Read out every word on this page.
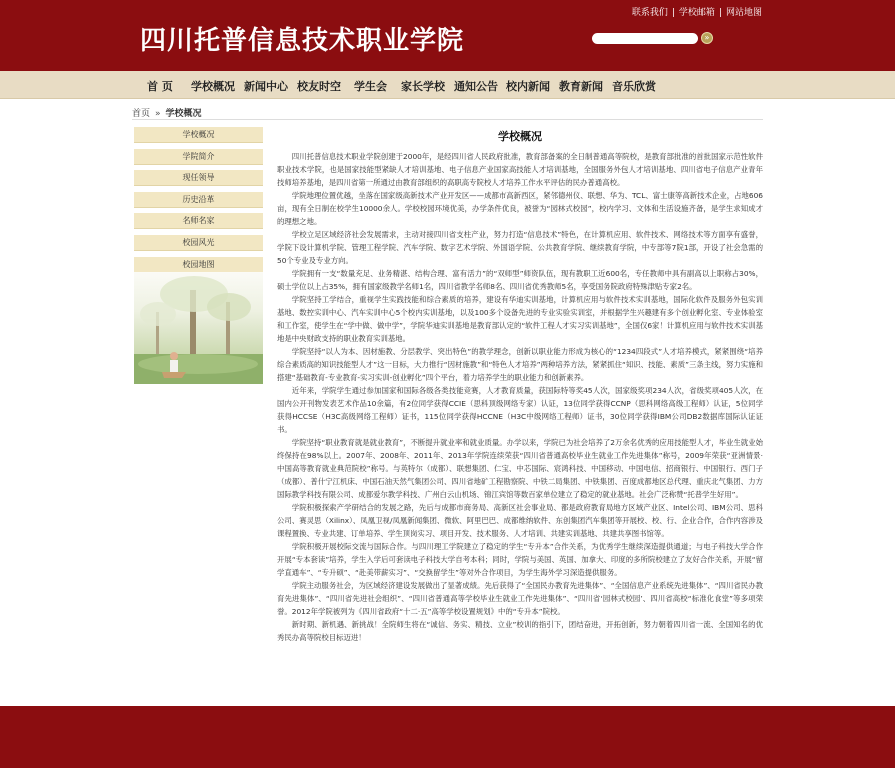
四川托普信息技术职业学院
联系我们 | 学校邮箱 | 网站地图
»
首 页 学校概况 新闻中心 校友时空 学生会 家长学校 通知公告 校内新闻 教育新闻 音乐欣赏
首页 » 学校概况
学校概况
学院简介
现任领导
历史沿革
名师名家
校园风光
校园地图
学校概况

四川托普信息技术职业学院创建于2000年，是经四川省人民政府批准，教育部备案的全日制普通高等院校，是教育部批准的首批国家示范性软件职业技术学院，也是国家技能型紧缺人才培训基地、电子信息产业国家高技能人才培训基地，全国服务外包人才培训基地、四川省电子信息产业青年技师培养基地，是四川省第一所通过由教育部组织的高职高专院校人才培养工作水平评估的民办普通高校。

学院地理位置优越，坐落在国家级高新技术产业开发区——成都市高新西区，紧邻德州仪、联想、华为、TCL、富士康等高新技术企业，占地606亩，现有全日制在校学生10000余人。学校校园环境优美，办学条件优良，被誉为“园林式校园”，校内学习、文体和生活设施齐备，是学生求知成才的理想之地。

学校立足区域经济社会发展需求，主动对接四川省支柱产业，努力打造“信息技术”特色，在计算机应用、软件技术、网络技术等方面享有盛誉，学院下设计算机学院、管理工程学院、汽车学院、数字艺术学院、外国语学院、公共教育学院、继续教育学院，中专部等7院1部，开设了社会急需的50个专业及专业方向。

学院拥有一支“数量充足、业务精湛、结构合理、富有活力”的“双师型”师资队伍，现有教职工近600名，专任教师中具有副高以上职称占30%，硕士学位以上占35%，拥有国家级教学名师1名，四川省教学名师8名、四川省优秀教师5名，享受国务院政府特殊津贴专家2名。

学院坚持工学结合，重视学生实践技能和综合素质的培养，建设有华迪实训基地，计算机应用与软件技术实训基地，国际化软件及服务外包实训基地、数控实训中心、汽车实训中心5个校内实训基地，以及100多个设备先进的专业实验实训室，并根据学生兴趣建有多个创业孵化室、专业体验室和工作室，使学生在“学中做、做中学”，学院华迪实训基地是教育部认定的“软件工程人才实习实训基地”，全国仅6家！计算机应用与软件技术实训基地是中央财政支持的职业教育实训基地。

学院坚持“以人为本、因材施教、分层教学、突出特色”的教学理念，创新以职业能力形成为核心的“1234四段式”人才培养模式，紧紧围绕“培养综合素质高的知识技能型人才”这一目标，大力推行“因材施教”和“特色人才培养”两种培养方法，紧紧抓住“知识、技能、素质”三条主线，努力实施和搭建“基础教育-专业教育-实习实训-创业孵化”四个平台，着力培养学生的职业能力和创新素养。

近年来，学院学生通过参加国家和国际各级各类技能竞赛，人才教育质量，获国际特等奖45人次，国家级奖项234人次，省级奖项405人次，在国内公开刊物发表艺术作品10余篇，有2位同学获得CCIE（思科顶级网络专家）认证，13位同学获得CCNP（思科网络高级工程师）认证，5位同学获得HCCSE（H3C高级网络工程师）证书，115位同学获得HCCNE（H3C中级网络工程师）证书，30位同学获得IBM公司DB2数据库国际认证证书。

学院坚持“职业教育就是就业教育”，不断提升就业率和就业质量。办学以来，学院已为社会培养了2万余名优秀的应用技能型人才，毕业生就业始终保持在98%以上。2007年、2008年、2011年、2013年学院连续荣获“四川省普通高校毕业生就业工作先进集体”称号，2009年荣获“亚洲情景·中国高等教育就业典范院校”称号。与英特尔（成都）、联想集团、仁宝、中芯国际、宸鸿科技、中国移动、中国电信、招商银行、中国银行、西门子（成都）、普什宁江机床、中国石油天然气集团公司、四川省地矿工程勘察院、中铁二局集团、中铁集团、百度成都地区总代理、重庆北气集团、力方国际教学科技有限公司、成都爱尔教学科技、广州白云山机场、锦江宾馆等数百家单位建立了稳定的就业基地。社会广泛称赞“托普学生好用”。

学院积极探索产学研结合的发展之路，先后与成都市商务局、高新区社会事业局、都是政府教育局地方区域产业区、Intel公司、IBM公司、思科公司、赛灵思（Xilinx）、凤凰卫视/凤凰新闻集团、微软、阿里巴巴、成都维纳软件、东创集团汽车集团等开展校、校、行、企业合作，合作内容涉及课程置换、专业共建、订单培养、学生顶岗实习、项目开发、技术服务、人才培训、共建实训基地、共建共享图书馆等。

学院积极开展校际交流与国际合作。与四川理工学院建立了稳定的学生“专升本”合作关系，为优秀学生继续深造提供通道；与电子科技大学合作开展“专本套读”培养，学生入学后可套读电子科技大学自考本科；同时，学院与美国、英国、加拿大、印度的多所院校建立了友好合作关系，开展“留学直通车”、“专升硕”、“赴美带薪实习”、“交换留学生”等对外合作项目，为学生海外学习深造提供服务。

学院主动服务社会，为区域经济建设发展做出了显著成绩。先后获得了“全国民办教育先进集体”、“全国信息产业系统先进集体”、“四川省民办教育先进集体”、“四川省先进社会组织”、“四川省普通高等学校毕业生就业工作先进集体”、“四川省‘园林式校园’、四川省高校“标准化食堂”等多项荣誉。2012年学院被列为《四川省政府“十二·五”高等学校设置规划》中的“专升本”院校。

新时期、新机遇、新挑战！全院师生将在“诚信、务实、精技、立业”校训的指引下，团结奋进，开拓创新，努力朝着四川省一流、全国知名的优秀民办高等院校目标迈进！
